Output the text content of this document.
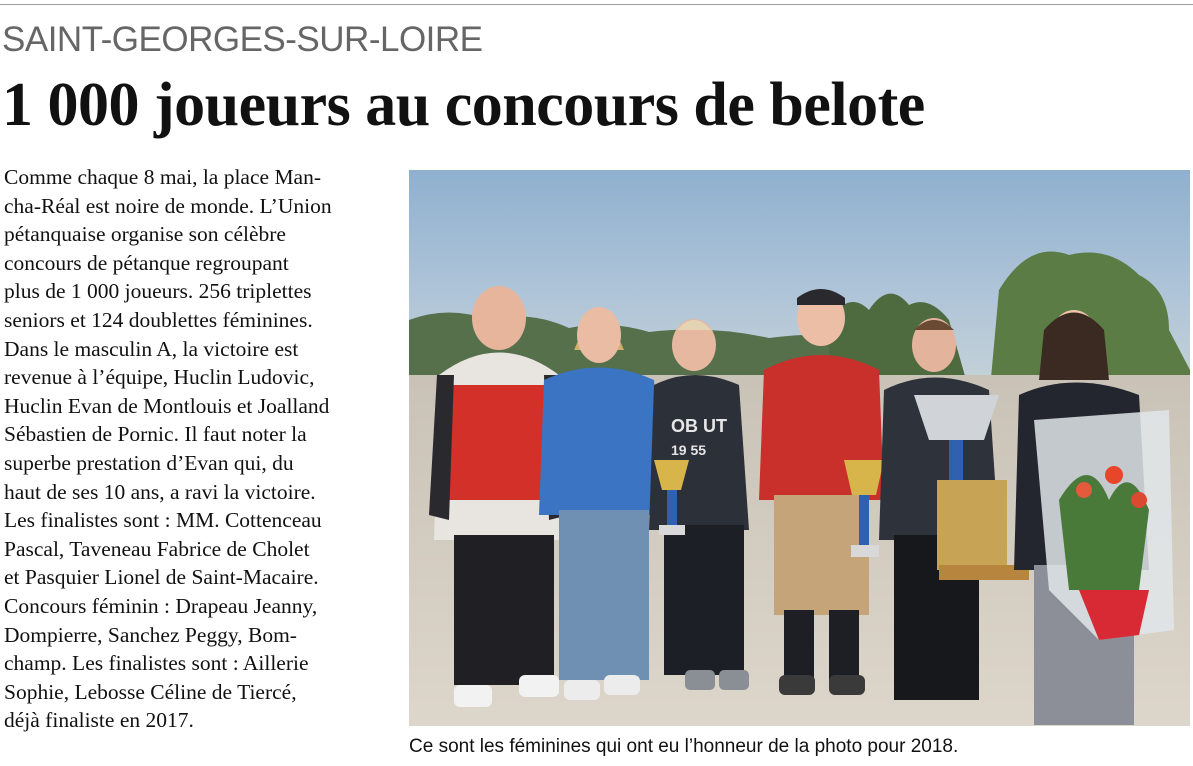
SAINT-GEORGES-SUR-LOIRE
1 000 joueurs au concours de belote
Comme chaque 8 mai, la place Man-
cha-Réal est noire de monde. L’Union
pétanquaise organise son célèbre
concours de pétanque regroupant
plus de 1 000 joueurs. 256 triplettes
seniors et 124 doublettes féminines.
Dans le masculin A, la victoire est
revenue à l’équipe, Huclin Ludovic,
Huclin Evan de Montlouis et Joalland
Sébastien de Pornic. Il faut noter la
superbe prestation d’Evan qui, du
haut de ses 10 ans, a ravi la victoire.
Les finalistes sont : MM. Cottenceau
Pascal, Taveneau Fabrice de Cholet
et Pasquier Lionel de Saint-Macaire.
Concours féminin : Drapeau Jeanny,
Dompierre, Sanchez Peggy, Bom-
champ. Les finalistes sont : Aillerie
Sophie, Lebosse Céline de Tiercé,
déjà finaliste en 2017.
OB UT
19 55
Ce sont les féminines qui ont eu l’honneur de la photo pour 2018.
